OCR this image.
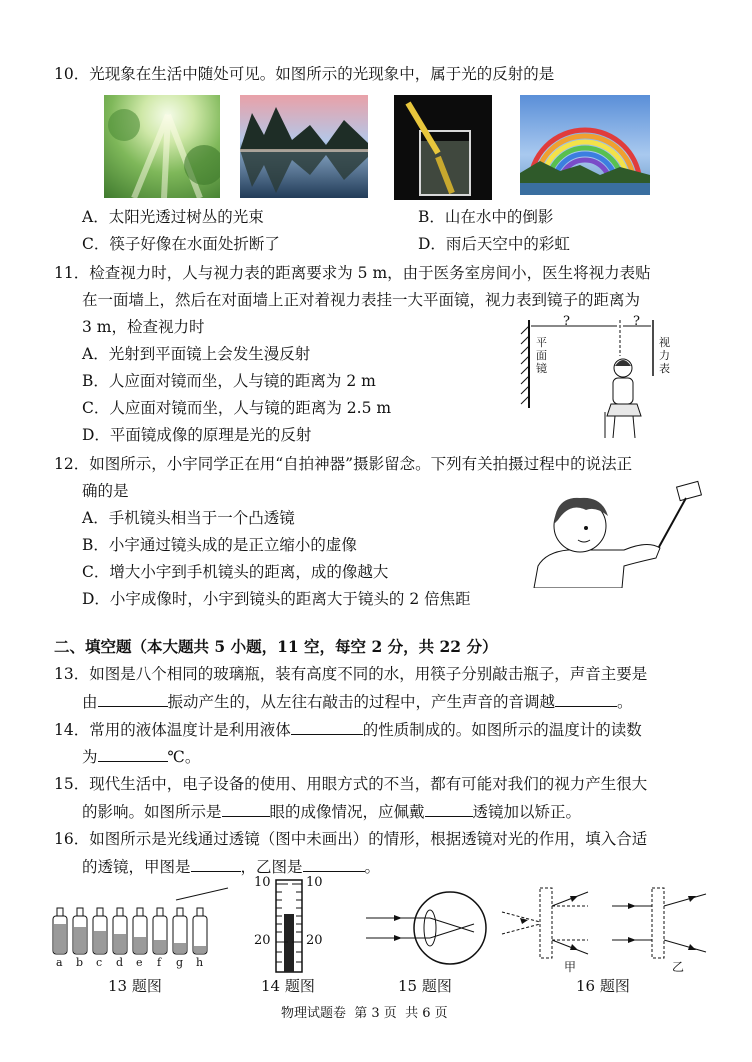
10．光现象在生活中随处可见。如图所示的光现象中，属于光的反射的是
A．太阳光透过树丛的光束	B．山在水中的倒影
C．筷子好像在水面处折断了	D．雨后天空中的彩虹
11．检查视力时，人与视力表的距离要求为 5 m，由于医务室房间小，医生将视力表贴
在一面墙上，然后在对面墙上正对着视力表挂一大平面镜，视力表到镜子的距离为
3 m，检查视力时
A．光射到平面镜上会发生漫反射
B．人应面对镜而坐，人与镜的距离为 2 m
C．人应面对镜而坐，人与镜的距离为 2.5 m
D．平面镜成像的原理是光的反射
?	?
平面镜
视力表
12．如图所示，小宇同学正在用“自拍神器”摄影留念。下列有关拍摄过程中的说法正
确的是
A．手机镜头相当于一个凸透镜
B．小宇通过镜头成的是正立缩小的虚像
C．增大小宇到手机镜头的距离，成的像越大
D．小宇成像时，小宇到镜头的距离大于镜头的 2 倍焦距
二、填空题（本大题共 5 小题，11 空，每空 2 分，共 22 分）
13．如图是八个相同的玻璃瓶，装有高度不同的水，用筷子分别敲击瓶子，声音主要是
由	振动产生的，从左往右敲击的过程中，产生声音的音调越	。
14．常用的液体温度计是利用液体	的性质制成的。如图所示的温度计的读数
为	℃。
15．现代生活中，电子设备的使用、用眼方式的不当，都有可能对我们的视力产生很大
的影响。如图所示是	眼的成像情况，应佩戴	透镜加以矫正。
16．如图所示是光线通过透镜（图中未画出）的情形，根据透镜对光的作用，填入合适
的透镜，甲图是	，乙图是	。
a b c d e f g h
10	10
20	20
甲	乙
13 题图	14 题图	15 题图	16 题图
物理试题卷  第 3 页  共 6 页
